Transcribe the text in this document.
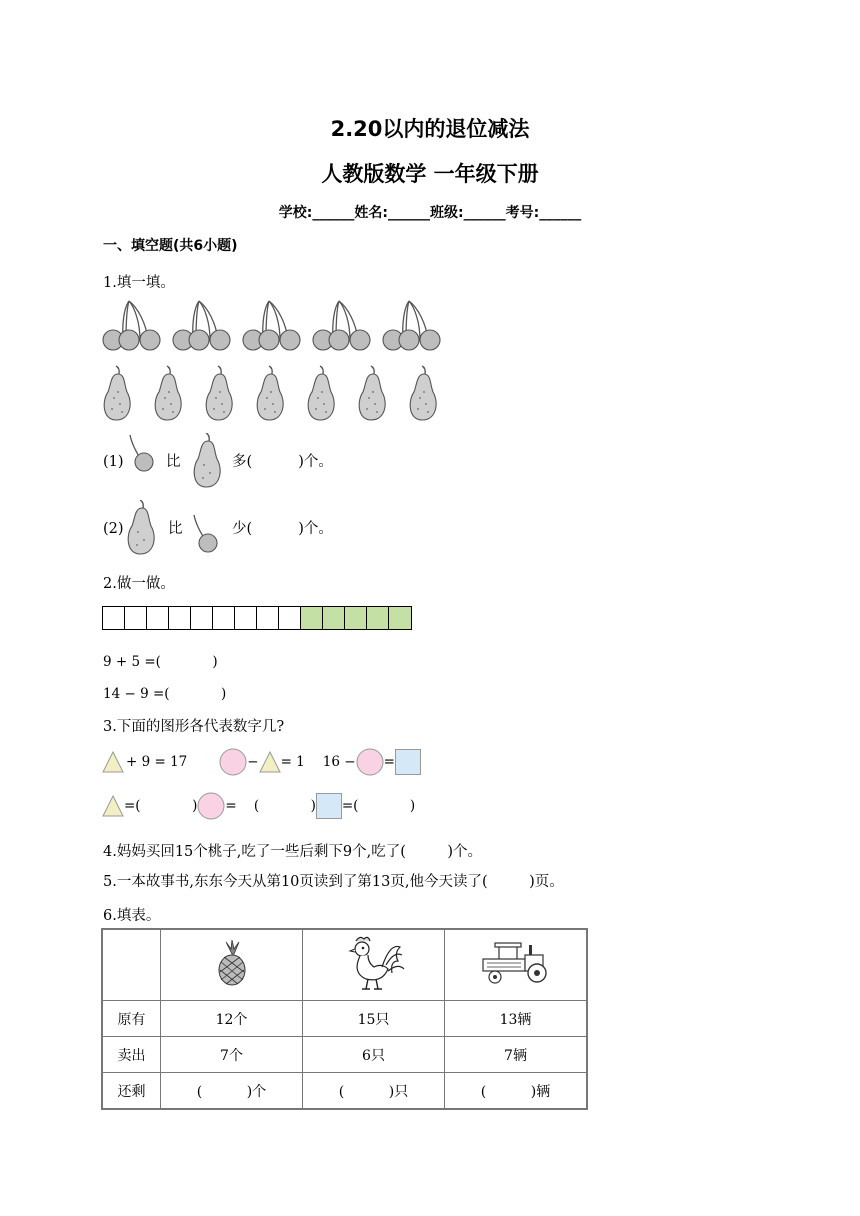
2.20以内的退位减法
人教版数学 一年级下册
学校:______姓名:______班级:______考号:______
一、填空题(共6小题)
1.填一填。
(1)	比	多(          )个。
(2)	比	少(          )个。
2.做一做。
9 + 5 =(            )
14 − 9 =(            )
3.下面的图形各代表数字几?
+ 9 = 17	− = 1 16 − =
=(            ) =    (            ) =(            )
4.妈妈买回15个桃子,吃了一些后剩下9个,吃了(         )个。
5.一本故事书,东东今天从第10页读到了第13页,他今天读了(         )页。
6.填表。

原有	12个	15只	13辆
卖出	7个	6只	7辆
还剩	(          )个	(          )只	(          )辆
